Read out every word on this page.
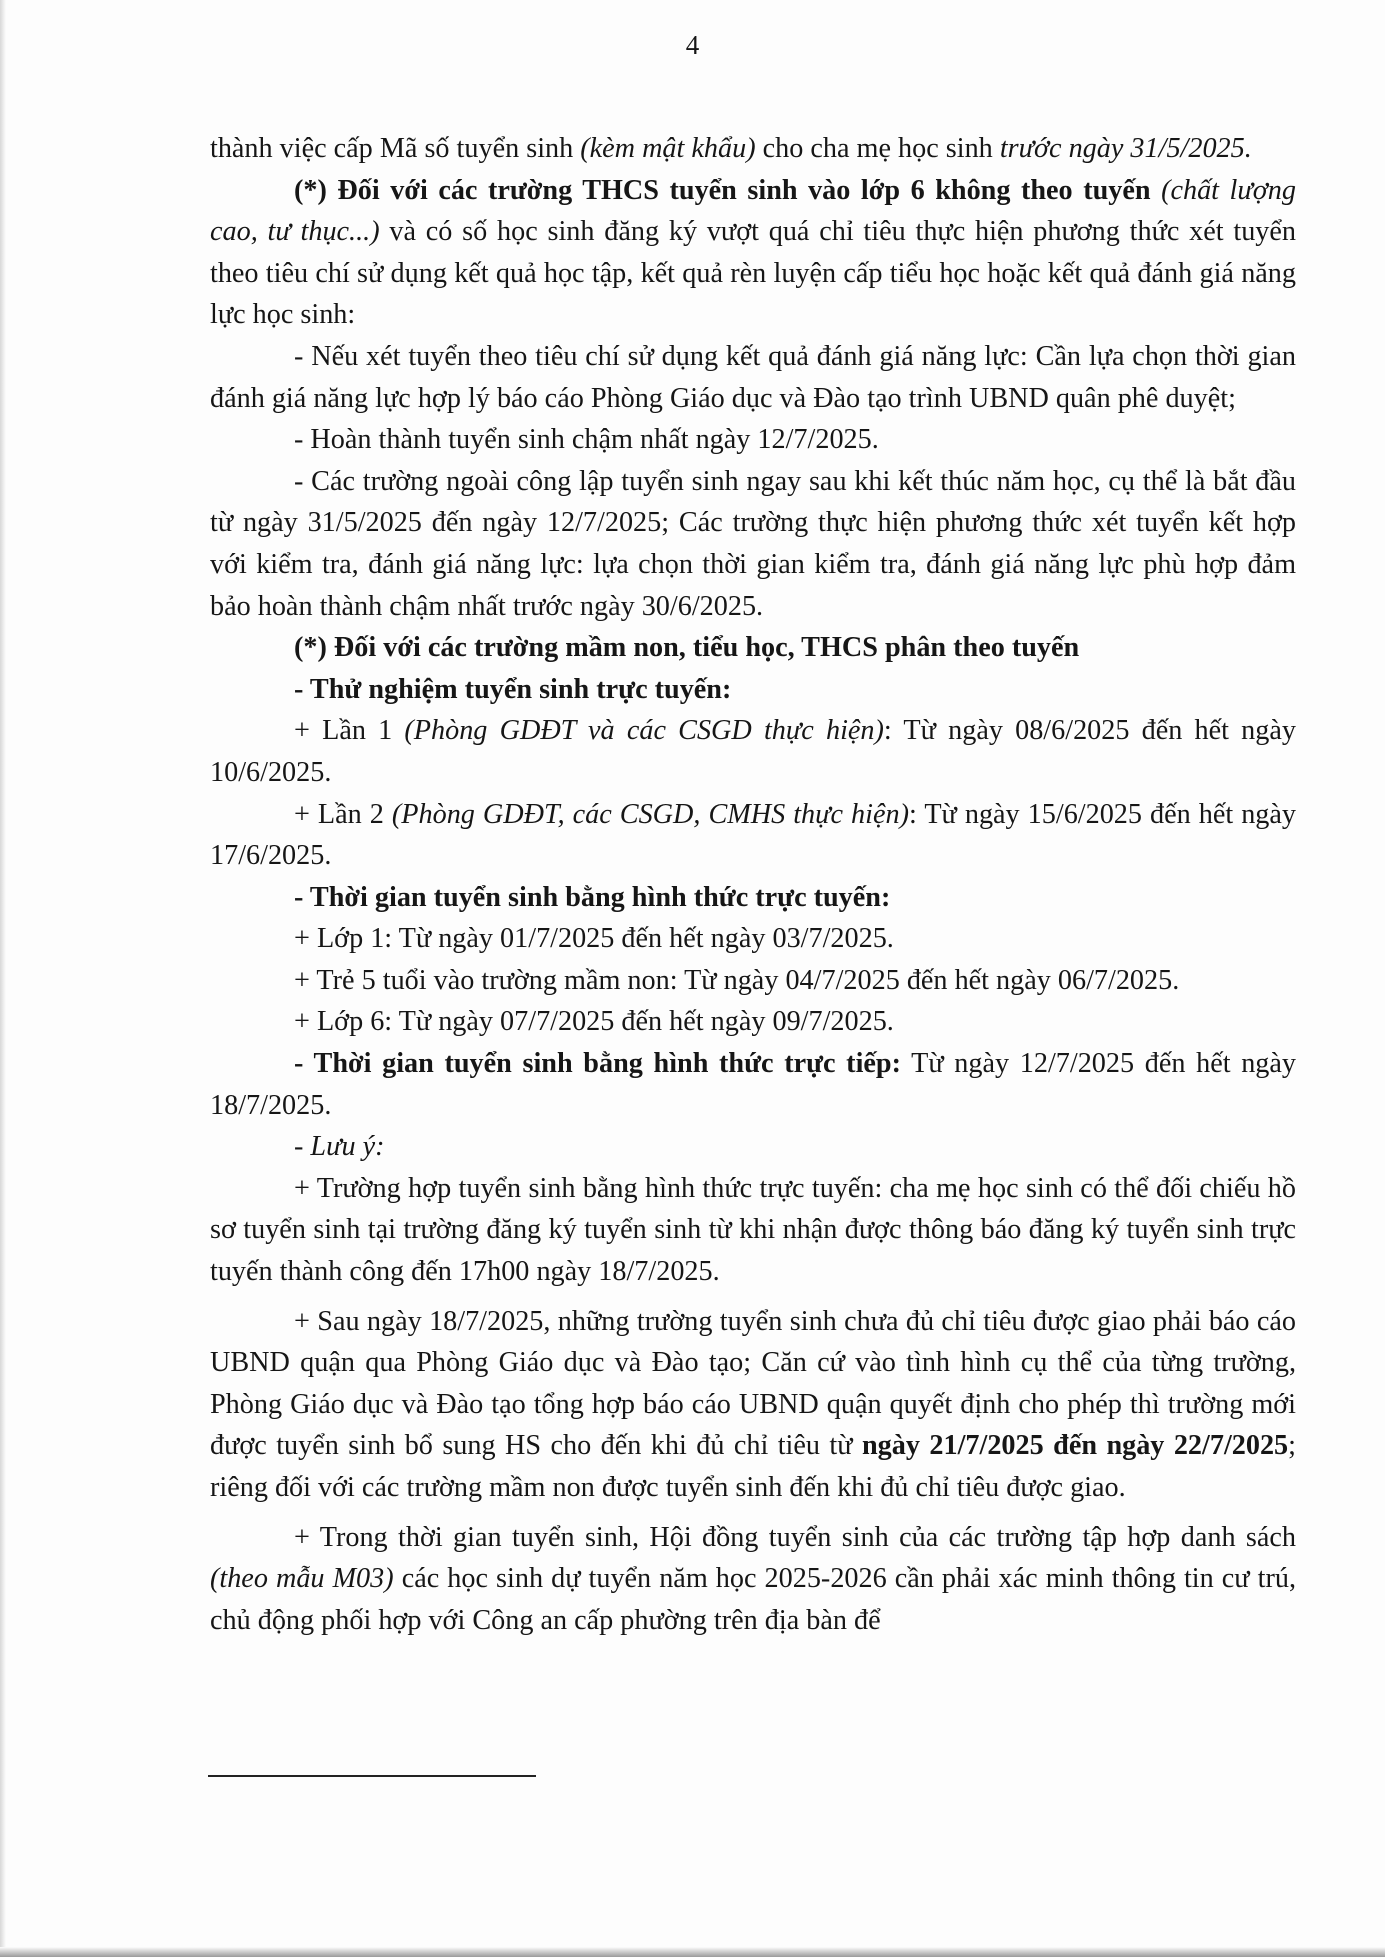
4

thành việc cấp Mã số tuyển sinh (kèm mật khẩu) cho cha mẹ học sinh trước ngày 31/5/2025.

(*) Đối với các trường THCS tuyển sinh vào lớp 6 không theo tuyến (chất lượng cao, tư thục...) và có số học sinh đăng ký vượt quá chỉ tiêu thực hiện phương thức xét tuyển theo tiêu chí sử dụng kết quả học tập, kết quả rèn luyện cấp tiểu học hoặc kết quả đánh giá năng lực học sinh:

- Nếu xét tuyển theo tiêu chí sử dụng kết quả đánh giá năng lực: Cần lựa chọn thời gian đánh giá năng lực hợp lý báo cáo Phòng Giáo dục và Đào tạo trình UBND quân phê duyệt;

- Hoàn thành tuyển sinh chậm nhất ngày 12/7/2025.

- Các trường ngoài công lập tuyển sinh ngay sau khi kết thúc năm học, cụ thể là bắt đầu từ ngày 31/5/2025 đến ngày 12/7/2025; Các trường thực hiện phương thức xét tuyển kết hợp với kiểm tra, đánh giá năng lực: lựa chọn thời gian kiểm tra, đánh giá năng lực phù hợp đảm bảo hoàn thành chậm nhất trước ngày 30/6/2025.

(*) Đối với các trường mầm non, tiểu học, THCS phân theo tuyến

- Thử nghiệm tuyển sinh trực tuyến:

+ Lần 1 (Phòng GDĐT và các CSGD thực hiện): Từ ngày 08/6/2025 đến hết ngày 10/6/2025.

+ Lần 2 (Phòng GDĐT, các CSGD, CMHS thực hiện): Từ ngày 15/6/2025 đến hết ngày 17/6/2025.

- Thời gian tuyển sinh bằng hình thức trực tuyến:

+ Lớp 1: Từ ngày 01/7/2025 đến hết ngày 03/7/2025.

+ Trẻ 5 tuổi vào trường mầm non: Từ ngày 04/7/2025 đến hết ngày 06/7/2025.

+ Lớp 6: Từ ngày 07/7/2025 đến hết ngày 09/7/2025.

- Thời gian tuyển sinh bằng hình thức trực tiếp: Từ ngày 12/7/2025 đến hết ngày 18/7/2025.

- Lưu ý:

+ Trường hợp tuyển sinh bằng hình thức trực tuyến: cha mẹ học sinh có thể đối chiếu hồ sơ tuyển sinh tại trường đăng ký tuyển sinh từ khi nhận được thông báo đăng ký tuyển sinh trực tuyến thành công đến 17h00 ngày 18/7/2025.

+ Sau ngày 18/7/2025, những trường tuyển sinh chưa đủ chỉ tiêu được giao phải báo cáo UBND quận qua Phòng Giáo dục và Đào tạo; Căn cứ vào tình hình cụ thể của từng trường, Phòng Giáo dục và Đào tạo tổng hợp báo cáo UBND quận quyết định cho phép thì trường mới được tuyển sinh bổ sung HS cho đến khi đủ chỉ tiêu từ ngày 21/7/2025 đến ngày 22/7/2025; riêng đối với các trường mầm non được tuyển sinh đến khi đủ chỉ tiêu được giao.

+ Trong thời gian tuyển sinh, Hội đồng tuyển sinh của các trường tập hợp danh sách (theo mẫu M03) các học sinh dự tuyển năm học 2025-2026 cần phải xác minh thông tin cư trú, chủ động phối hợp với Công an cấp phường trên địa bàn để
